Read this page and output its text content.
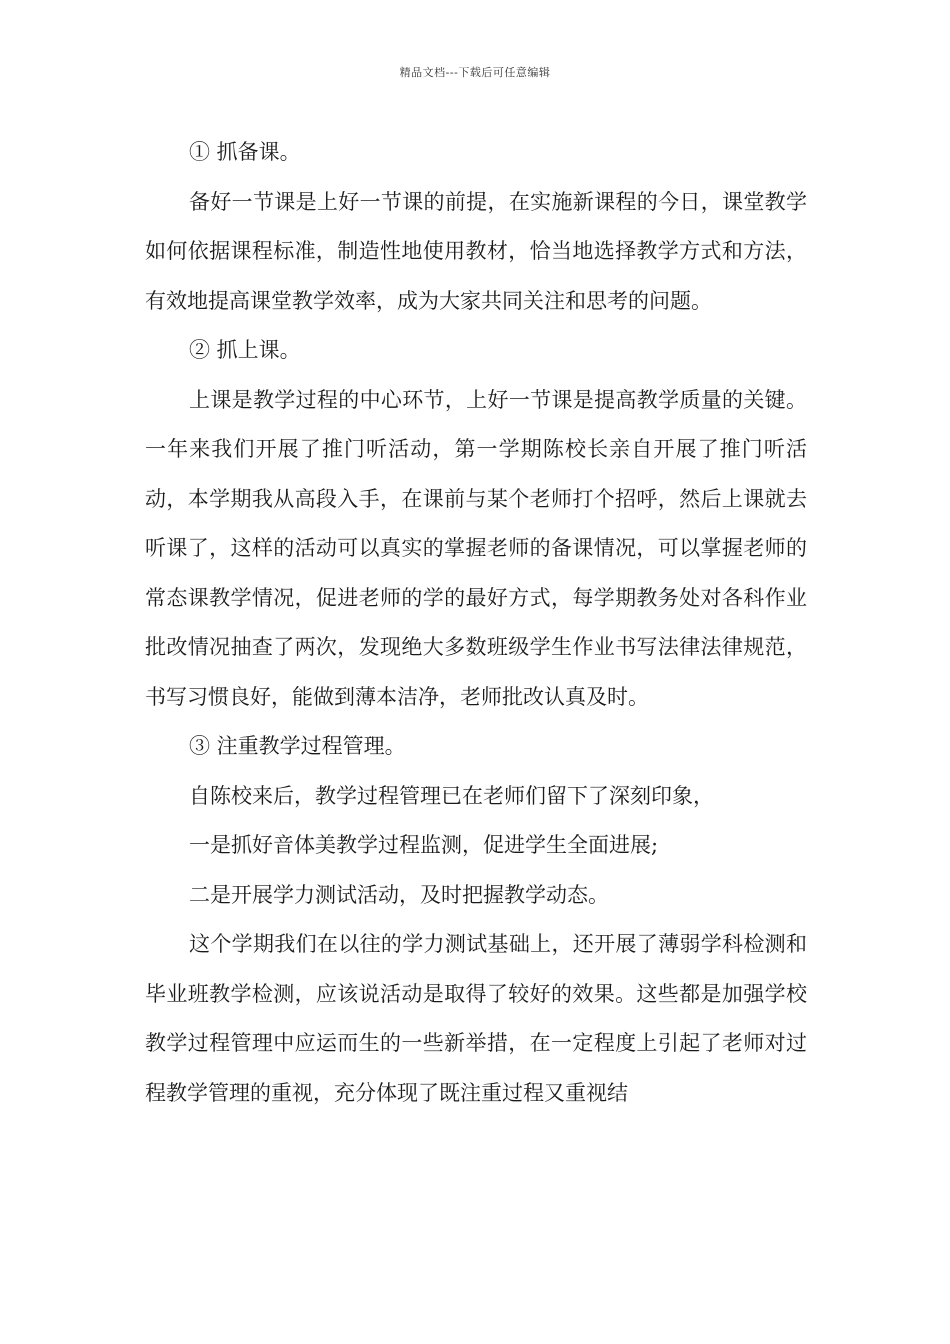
精品文档---下载后可任意编辑

① 抓备课。

备好一节课是上好一节课的前提，在实施新课程的今日，课堂教学如何依据课程标准，制造性地使用教材，恰当地选择教学方式和方法，有效地提高课堂教学效率，成为大家共同关注和思考的问题。

② 抓上课。

上课是教学过程的中心环节，上好一节课是提高教学质量的关键。一年来我们开展了推门听活动，第一学期陈校长亲自开展了推门听活动，本学期我从高段入手，在课前与某个老师打个招呼，然后上课就去听课了，这样的活动可以真实的掌握老师的备课情况，可以掌握老师的常态课教学情况，促进老师的学的最好方式，每学期教务处对各科作业批改情况抽查了两次，发现绝大多数班级学生作业书写法律法律规范，书写习惯良好，能做到薄本洁净，老师批改认真及时。

③ 注重教学过程管理。

自陈校来后，教学过程管理已在老师们留下了深刻印象，

一是抓好音体美教学过程监测，促进学生全面进展;

二是开展学力测试活动，及时把握教学动态。

这个学期我们在以往的学力测试基础上，还开展了薄弱学科检测和毕业班教学检测，应该说活动是取得了较好的效果。这些都是加强学校教学过程管理中应运而生的一些新举措，在一定程度上引起了老师对过程教学管理的重视，充分体现了既注重过程又重视结
